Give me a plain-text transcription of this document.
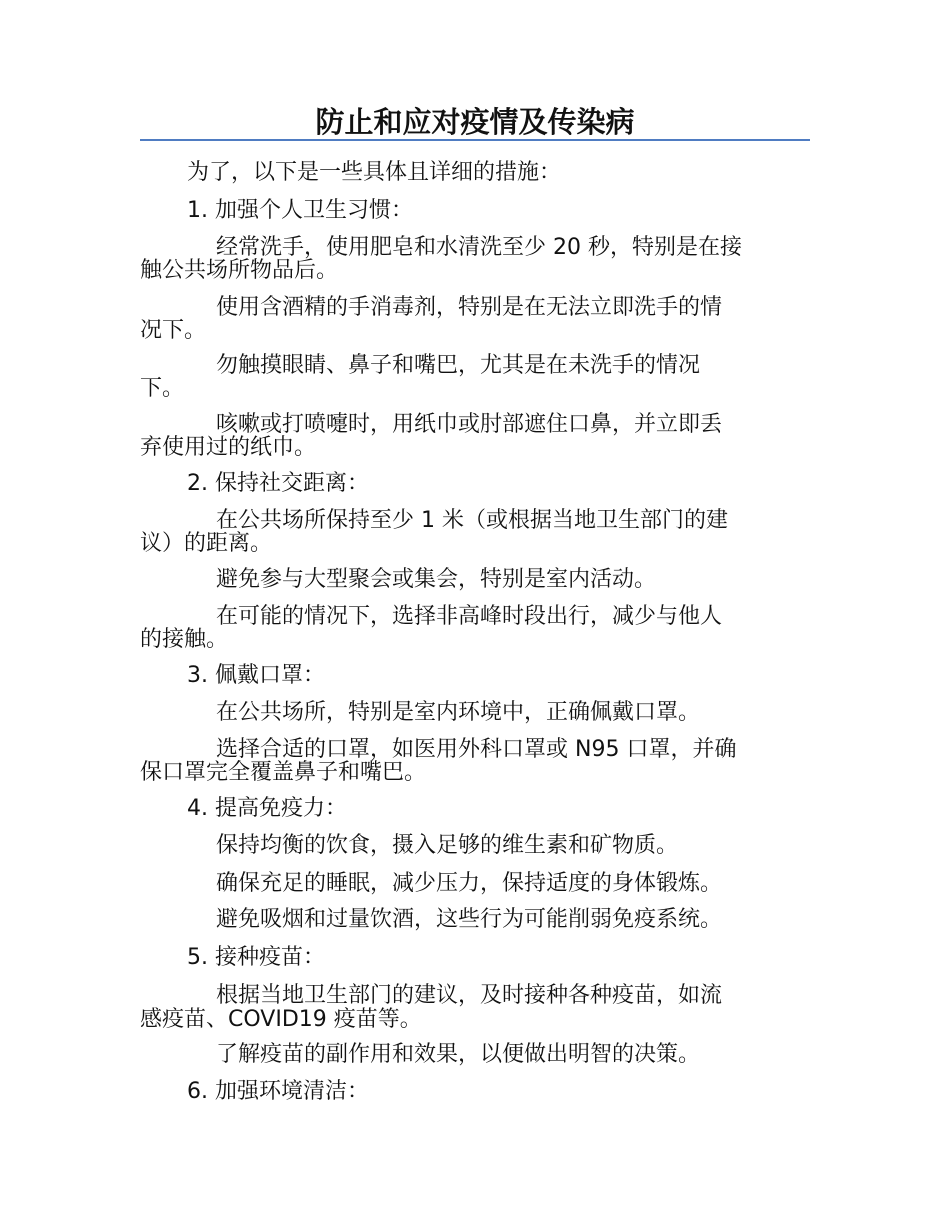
防止和应对疫情及传染病
为了，以下是一些具体且详细的措施：
1. 加强个人卫生习惯：
经常洗手，使用肥皂和水清洗至少 20 秒，特别是在接
触公共场所物品后。
使用含酒精的手消毒剂，特别是在无法立即洗手的情
况下。
勿触摸眼睛、鼻子和嘴巴，尤其是在未洗手的情况
下。
咳嗽或打喷嚏时，用纸巾或肘部遮住口鼻，并立即丢
弃使用过的纸巾。
2. 保持社交距离：
在公共场所保持至少 1 米（或根据当地卫生部门的建
议）的距离。
避免参与大型聚会或集会，特别是室内活动。
在可能的情况下，选择非高峰时段出行，减少与他人
的接触。
3. 佩戴口罩：
在公共场所，特别是室内环境中，正确佩戴口罩。
选择合适的口罩，如医用外科口罩或 N95 口罩，并确
保口罩完全覆盖鼻子和嘴巴。
4. 提高免疫力：
保持均衡的饮食，摄入足够的维生素和矿物质。
确保充足的睡眠，减少压力，保持适度的身体锻炼。
避免吸烟和过量饮酒，这些行为可能削弱免疫系统。
5. 接种疫苗：
根据当地卫生部门的建议，及时接种各种疫苗，如流
感疫苗、COVID19 疫苗等。
了解疫苗的副作用和效果，以便做出明智的决策。
6. 加强环境清洁：
